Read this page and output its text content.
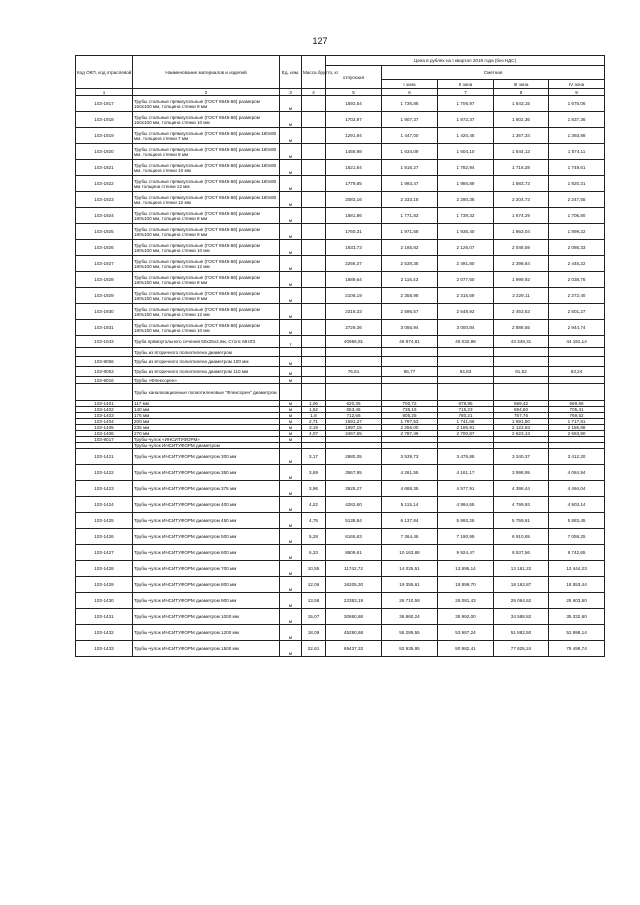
127
Код ОКП, код отраслевой	Наименование материалов и изделий	Ед. изм.	Масса брутто, кг	Цена в рублях на I квартал 2018 года (без НДС)				
				отпускная	Сметная			
					I зона	II зона	III зона	IV зона
1	2	3	4	5	6	7	8	9
103-1917	Трубы стальные прямоугольные (ГОСТ 8645-86) размером 150х100 мм, толщина стенки 9 мм	м		1592,54	1 736,86	1 706,97	1 643,15	1 675,06
103-1918	Трубы стальные прямоугольные (ГОСТ 8645-86) размером 150х100 мм, толщина стенки 10 мм	м		1702,97	1 907,37	1 872,37	1 802,36	1 837,36
103-1919	Трубы стальные прямоугольные (ГОСТ 8645-86) размером 180х80 мм, толщина стенки 7 мм	м		1291,94	1 447,00	1 420,45	1 367,34	1 393,88
103-1920	Трубы стальные прямоугольные (ГОСТ 8645-86) размером 180х80 мм, толщина стенки 8 мм	м		1458,98	1 634,09	1 604,10	1 544,13	1 574,11
103-1921	Трубы стальные прямоугольные (ГОСТ 8645-86) размером 180х80 мм, толщина стенки 10 мм	м		1621,64	1 816,27	1 782,94	1 716,28	1 749,61
103-1922	Трубы стальные прямоугольные (ГОСТ 8645-86) размером 180х80 мм толщина стенки 12 мм	м		1779,85	1 993,47	1 956,89	1 883,73	1 920,31
103-1923	Трубы стальные прямоугольные (ГОСТ 8645-86) размером 180х80 мм, толщина стенки 12 мм	м		2083,16	2 333,18	2 290,36	2 204,73	2 247,55
103-1924	Трубы стальные прямоугольные (ГОСТ 8645-86) размером 180х100 мм, толщина стенки 8 мм	м		1581,86	1 771,83	1 739,32	1 674,29	1 706,80
103-1925	Трубы стальные прямоугольные (ГОСТ 8645-86) размером 180х100 мм, толщина стенки 9 мм	м		1760,31	1 971,58	1 935,40	1 863,04	1 899,22
103-1926	Трубы стальные прямоугольные (ГОСТ 8645-86) размером 180х100 мм, толщина стенки 10 мм	м		1933,73	2 165,82	2 126,07	2 046,59	2 086,33
103-1927	Трубы стальные прямоугольные (ГОСТ 8645-86) размером 180х100 мм, толщина стенки 12 мм	м		2266,37	2 538,35	2 491,80	2 398,64	2 445,22
103-1928	Трубы стальные прямоугольные (ГОСТ 8645-86) размером 180х150 мм, толщина стенки 8 мм	м		1889,64	2 116,43	2 077,60	1 999,92	2 038,76
103-1929	Трубы стальные прямоугольные (ГОСТ 8645-86) размером 180х150 мм, толщина стенки 9 мм	м		2106,19	2 358,98	2 315,69	2 229,11	2 272,40
103-1930	Трубы стальные прямоугольные (ГОСТ 8645-86) размером 180х150 мм, толщина стенки 12 мм	м		2318,33	2 596,57	2 548,92	2 453,63	2 501,27
103-1931	Трубы стальные прямоугольные (ГОСТ 8645-86) размером 180х150 мм, толщина стенки 10 мм	м		2729,36	3 056,94	3 000,84	2 888,65	2 944,74
103-1043	Труба прямоугольного сечения 50х25х2,6м, Ст1пс МНЛЗ	т		40956,91	45 874,81	45 032,98	43 349,31	44 191,14
	Трубы из вторичного полиэтилена диаметром							
103-9056	Трубы из вторичного полиэтилена диаметром 100 мм	м						
103-8053	Трубы из вторичного полиэтилена диаметром 110 мм	м		76,81	86,77	84,83	81,52	83,24
103-9016	Трубы «Флексорен»	м						
	Трубы канализационные полиэтиленовые "Флексорен" диаметром							
103-1401	117 мм	м	1,06	620,35	700,72	678,95	659,42	669,65
103-1402	140 мм	м	1,52	653,46	735,16	715,23	694,60	705,41
103-1403	175 мм	м	1,8	712,66	805,25	780,21	757,76	769,52
103-1404	200 мм	м	2,71	1591,27	1 797,53	1 741,66	1 691,50	1 717,81
103-1405	235 мм	м	3,19	1997,15	2 256,00	2 185,91	2 122,93	2 155,88
103-1406	270 мм	м	4,07	2467,65	2 787,49	2 700,87	2 623,13	2 663,90
103-9017	Трубы-чулок «ИНСИТУФОРМ»	м						
	Трубы-чулок ИНСИТУФОРМ диаметром							
103-1421	Трубы-чулок ИНСИТУФОРМ диаметром 300 мм	м	3,17	2980,35	3 539,73	3 475,88	3 340,37	3 412,20
103-1422	Трубы-чулок ИНСИТУФОРМ диаметром 350 мм	м	3,69	3567,95	4 261,55	4 161,17	3 998,95	4 084,94
103-1423	Трубы-чулок ИНСИТУФОРМ диаметром 375 мм	м	3,96	3925,27	4 688,35	4 577,91	4 398,44	4 494,04
103-1424	Трубы-чулок ИНСИТУФОРМ диаметром 400 мм	м	4,22	4282,60	5 115,14	4 994,65	4 799,93	4 903,14
103-1425	Трубы-чулок ИНСИТУФОРМ диаметром 450 мм	м	4,75	5138,84	6 137,84	5 993,26	5 759,61	5 883,45
103-1426	Трубы-чулок ИНСИТУФОРМ диаметром 500 мм	м	5,28	6165,63	7 364,46	7 190,99	6 910,65	7 059,25
103-1427	Трубы-чулок ИНСИТУФОРМ диаметром 600 мм	м	6,33	8609,61	10 163,88	9 924,47	9 537,56	9 742,65
103-1428	Трубы-чулок ИНСИТУФОРМ диаметром 700 мм	м	10,55	11742,72	14 025,51	13 695,14	13 161,22	13 444,23
103-1429	Трубы-чулок ИНСИТУФОРМ диаметром 800 мм	м	12,06	16205,30	19 355,61	18 899,70	18 162,87	18 553,44
103-1430	Трубы-чулок ИНСИТУФОРМ диаметром 900 мм	м	13,56	22383,19	26 710,59	26 081,43	25 064,62	25 603,60
103-1431	Трубы-чулок ИНСИТУФОРМ диаметром 1000 мм	м	15,07	30860,86	36 860,24	35 992,00	34 588,82	35 332,60
103-1432	Трубы-чулок ИНСИТУФОРМ диаметром 1200 мм	м	18,09	45290,68	55 289,55	53 987,24	51 882,50	52 998,14
103-1433	Трубы-чулок ИНСИТУФОРМ диаметром 1500 мм	м	22,61	69437,33	82 935,95	80 982,41	77 825,24	79 498,74
